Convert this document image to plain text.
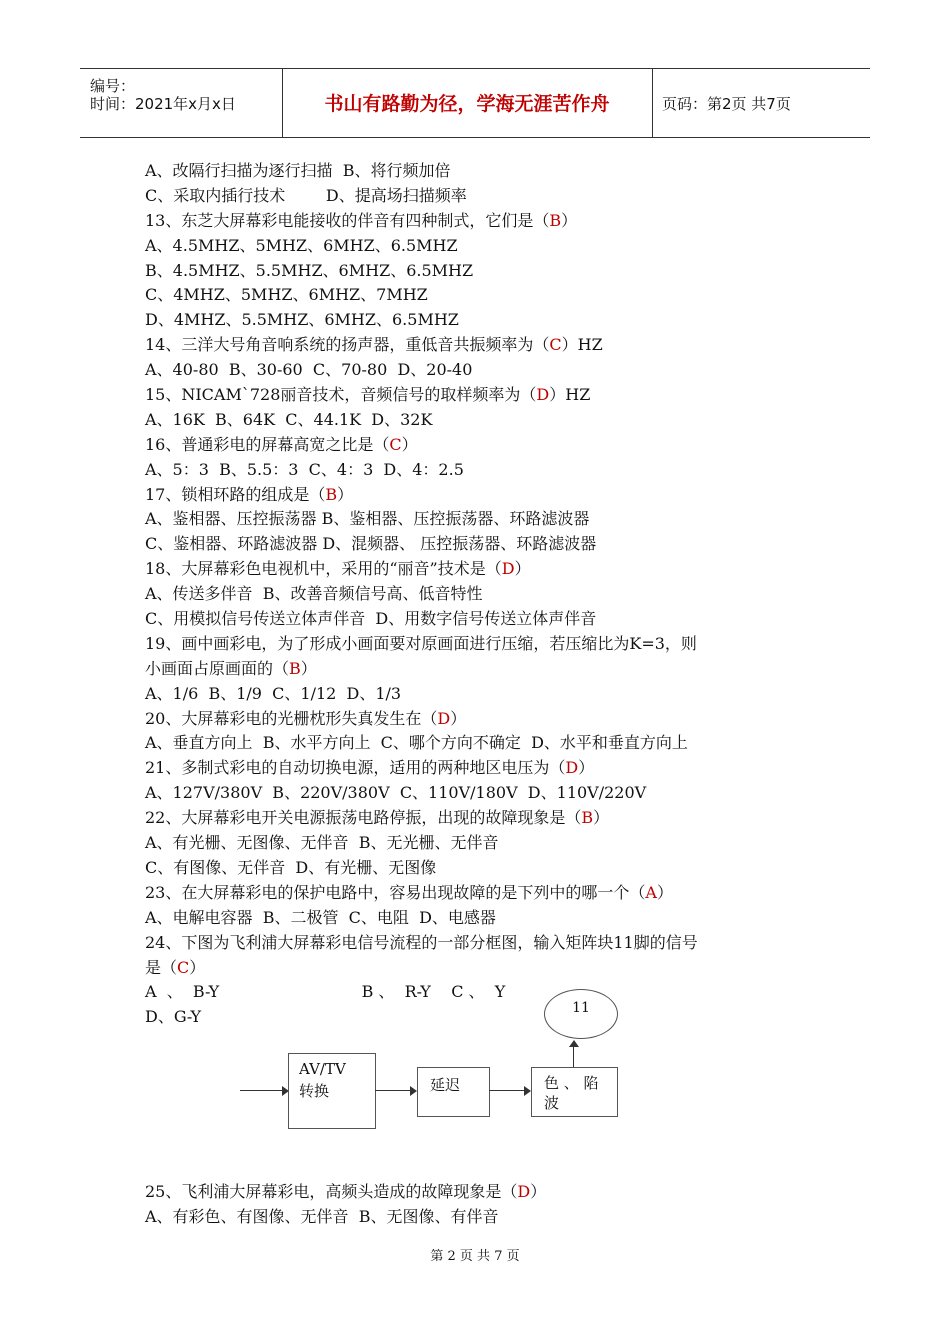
编号：
时间：2021年x月x日	书山有路勤为径，学海无涯苦作舟	页码：第2页 共7页
A、改隔行扫描为逐行扫描  B、将行频加倍
C、采取内插行技术        D、提高场扫描频率
13、东芝大屏幕彩电能接收的伴音有四种制式，它们是（B）
A、4.5MHZ、5MHZ、6MHZ、6.5MHZ
B、4.5MHZ、5.5MHZ、6MHZ、6.5MHZ
C、4MHZ、5MHZ、6MHZ、7MHZ
D、4MHZ、5.5MHZ、6MHZ、6.5MHZ
14、三洋大号角音响系统的扬声器，重低音共振频率为（C）HZ
A、40-80  B、30-60  C、70-80  D、20-40
15、NICAM`728丽音技术，音频信号的取样频率为（D）HZ
A、16K  B、64K  C、44.1K  D、32K
16、普通彩电的屏幕高宽之比是（C）
A、5：3  B、5.5：3  C、4：3  D、4：2.5
17、锁相环路的组成是（B）
A、鉴相器、压控振荡器 B、鉴相器、压控振荡器、环路滤波器
C、鉴相器、环路滤波器 D、混频器、 压控振荡器、环路滤波器
18、大屏幕彩色电视机中，采用的“丽音”技术是（D）
A、传送多伴音  B、改善音频信号高、低音特性
C、用模拟信号传送立体声伴音  D、用数字信号传送立体声伴音
19、画中画彩电，为了形成小画面要对原画面进行压缩，若压缩比为K=3，则
小画面占原画面的（B）
A、1/6  B、1/9  C、1/12  D、1/3
20、大屏幕彩电的光栅枕形失真发生在（D）
A、垂直方向上  B、水平方向上  C、哪个方向不确定  D、水平和垂直方向上
21、多制式彩电的自动切换电源，适用的两种地区电压为（D）
A、127V/380V  B、220V/380V  C、110V/180V  D、110V/220V
22、大屏幕彩电开关电源振荡电路停振，出现的故障现象是（B）
A、有光栅、无图像、无伴音  B、无光栅、无伴音
C、有图像、无伴音  D、有光栅、无图像
23、在大屏幕彩电的保护电路中，容易出现故障的是下列中的哪一个（A）
A、电解电容器  B、二极管  C、电阻  D、电感器
24、下图为飞利浦大屏幕彩电信号流程的一部分框图，输入矩阵块11脚的信号
是（C）
A  、  B-Y                            B 、  R-Y    C 、  Y
D、G-Y
AV/TV
转换	延迟	色 、 陷
波
11
25、飞利浦大屏幕彩电，高频头造成的故障现象是（D）
A、有彩色、有图像、无伴音  B、无图像、有伴音
第 2 页 共 7 页
